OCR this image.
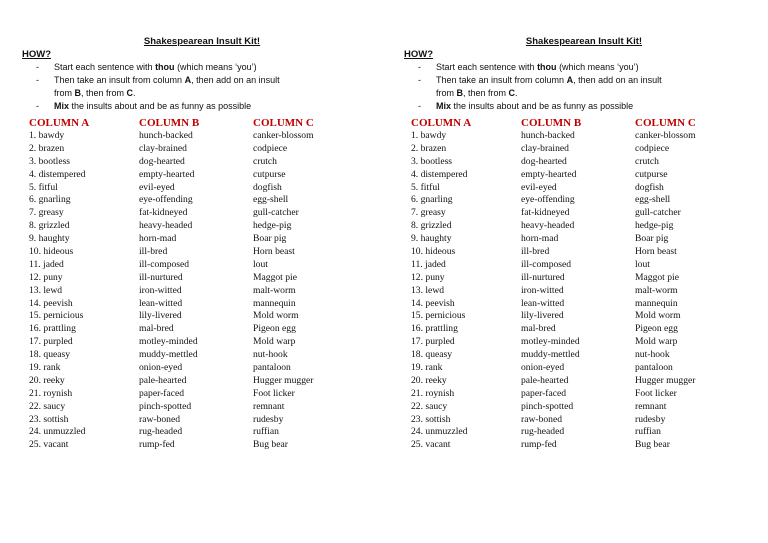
Shakespearean Insult Kit!
HOW?
- Start each sentence with thou (which means ‘you’)
- Then take an insult from column A, then add on an insult
from B, then from C.
- Mix the insults about and be as funny as possible
COLUMN A
1. bawdy
2. brazen
3. bootless
4. distempered
5. fitful
6. gnarling
7. greasy
8. grizzled
9. haughty
10. hideous
11. jaded
12. puny
13. lewd
14. peevish
15. pernicious
16. prattling
17. purpled
18. queasy
19. rank
20. reeky
21. roynish
22. saucy
23. sottish
24. unmuzzled
25. vacant
COLUMN B
hunch-backed
clay-brained
dog-hearted
empty-hearted
evil-eyed
eye-offending
fat-kidneyed
heavy-headed
horn-mad
ill-bred
ill-composed
ill-nurtured
iron-witted
lean-witted
lily-livered
mal-bred
motley-minded
muddy-mettled
onion-eyed
pale-hearted
paper-faced
pinch-spotted
raw-boned
rug-headed
rump-fed
COLUMN C
canker-blossom
codpiece
crutch
cutpurse
dogfish
egg-shell
gull-catcher
hedge-pig
Boar pig
Horn beast
lout
Maggot pie
malt-worm
mannequin
Mold worm
Pigeon egg
Mold warp
nut-hook
pantaloon
Hugger mugger
Foot licker
remnant
rudesby
ruffian
Bug bear
Shakespearean Insult Kit!
HOW?
- Start each sentence with thou (which means ‘you’)
- Then take an insult from column A, then add on an insult
from B, then from C.
- Mix the insults about and be as funny as possible
COLUMN A
1. bawdy
2. brazen
3. bootless
4. distempered
5. fitful
6. gnarling
7. greasy
8. grizzled
9. haughty
10. hideous
11. jaded
12. puny
13. lewd
14. peevish
15. pernicious
16. prattling
17. purpled
18. queasy
19. rank
20. reeky
21. roynish
22. saucy
23. sottish
24. unmuzzled
25. vacant
COLUMN B
hunch-backed
clay-brained
dog-hearted
empty-hearted
evil-eyed
eye-offending
fat-kidneyed
heavy-headed
horn-mad
ill-bred
ill-composed
ill-nurtured
iron-witted
lean-witted
lily-livered
mal-bred
motley-minded
muddy-mettled
onion-eyed
pale-hearted
paper-faced
pinch-spotted
raw-boned
rug-headed
rump-fed
COLUMN C
canker-blossom
codpiece
crutch
cutpurse
dogfish
egg-shell
gull-catcher
hedge-pig
Boar pig
Horn beast
lout
Maggot pie
malt-worm
mannequin
Mold worm
Pigeon egg
Mold warp
nut-hook
pantaloon
Hugger mugger
Foot licker
remnant
rudesby
ruffian
Bug bear
